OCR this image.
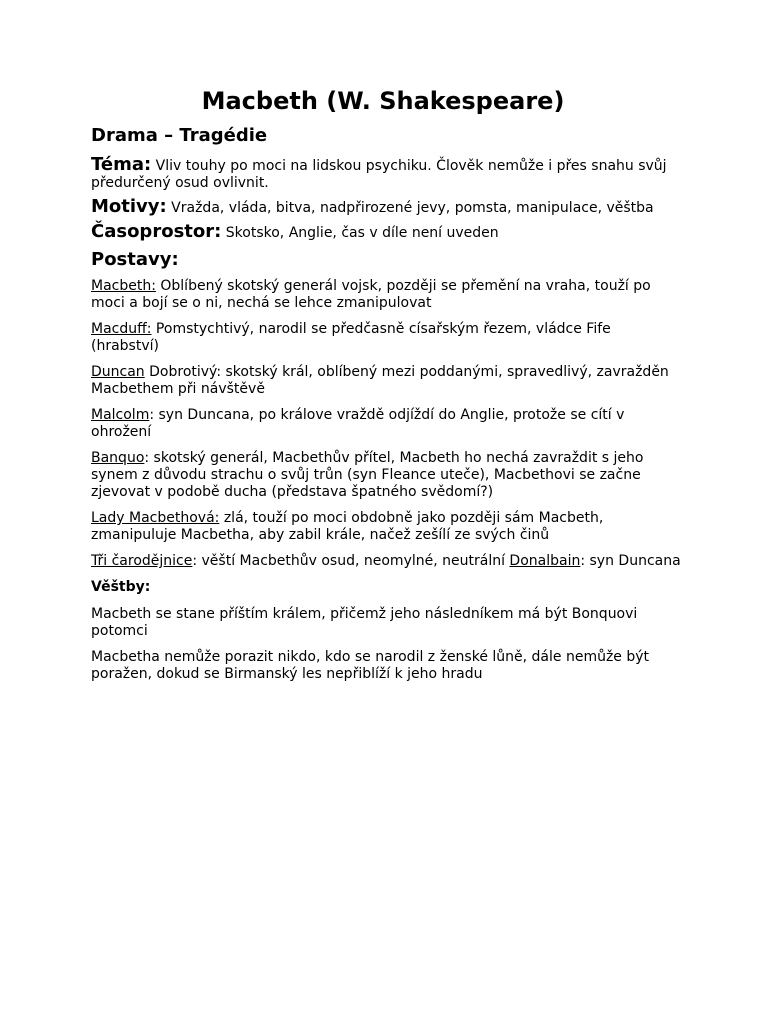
Macbeth (W. Shakespeare)
Drama – Tragédie
Téma: Vliv touhy po moci na lidskou psychiku. Člověk nemůže i přes snahu svůj předurčený osud ovlivnit.
Motivy: Vražda, vláda, bitva, nadpřirozené jevy, pomsta, manipulace, věštba
Časoprostor: Skotsko, Anglie, čas v díle není uveden
Postavy:
Macbeth: Oblíbený skotský generál vojsk, později se přemění na vraha, touží po moci a bojí se o ni, nechá se lehce zmanipulovat
Macduff: Pomstychtivý, narodil se předčasně císařským řezem, vládce Fife (hrabství)
Duncan Dobrotivý: skotský král, oblíbený mezi poddanými, spravedlivý, zavražděn Macbethem při návštěvě
Malcolm: syn Duncana, po králove vraždě odjíždí do Anglie, protože se cítí v ohrožení
Banquo: skotský generál, Macbethův přítel, Macbeth ho nechá zavraždit s jeho synem z důvodu strachu o svůj trůn (syn Fleance uteče), Macbethovi se začne zjevovat v podobě ducha (představa špatného svědomí?)
Lady Macbethová: zlá, touží po moci obdobně jako později sám Macbeth, zmanipuluje Macbetha, aby zabil krále, načež zešílí ze svých činů
Tři čarodějnice: věští Macbethův osud, neomylné, neutrální Donalbain: syn Duncana
Věštby:
Macbeth se stane příštím králem, přičemž jeho následníkem má být Bonquovi potomci
Macbetha nemůže porazit nikdo, kdo se narodil z ženské lůně, dále nemůže být poražen, dokud se Birmanský les nepřiblíží k jeho hradu
